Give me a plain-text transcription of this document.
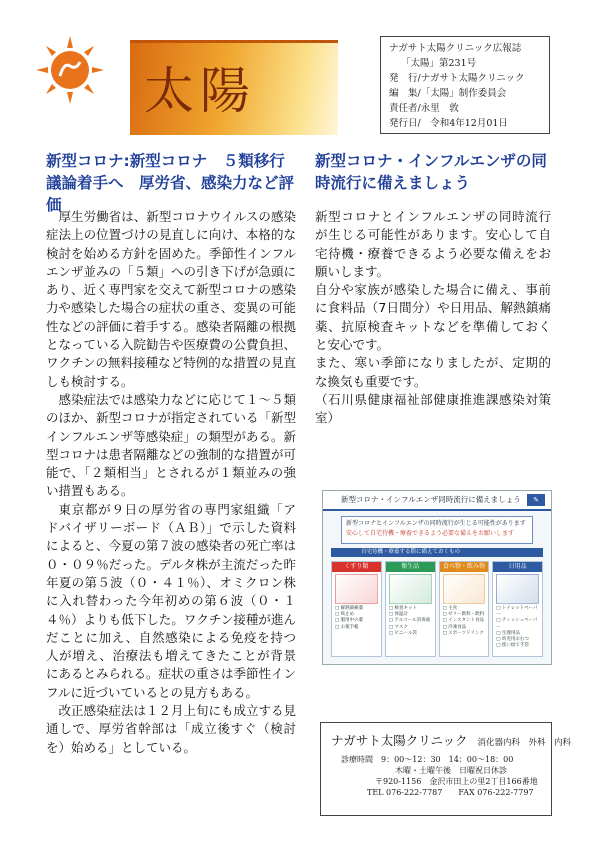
太陽
ナガサト太陽クリニック広報誌
「太陽」第231号
発　行/ナガサト太陽クリニック
編　集/「太陽」制作委員会
責任者/永里　敦
発行日/　令和4年12月01日
新型コロナ:新型コロナ　５類移行議論着手へ　厚労省、感染力など評価

厚生労働省は、新型コロナウイルスの感染症法上の位置づけの見直しに向け、本格的な検討を始める方針を固めた。季節性インフルエンザ並みの「５類」への引き下げが急頭にあり、近く専門家を交えて新型コロナの感染力や感染した場合の症状の重さ、変異の可能性などの評価に着手する。感染者隔離の根拠となっている入院勧告や医療費の公費負担、ワクチンの無料接種など特例的な措置の見直しも検討する。

感染症法では感染力などに応じて１～５類のほか、新型コロナが指定されている「新型インフルエンザ等感染症」の類型がある。新型コロナは患者隔離などの強制的な措置が可能で、「２類相当」とされるが１類並みの強い措置もある。

東京都が９日の厚労省の専門家組織「アドバイザリーボード（ＡＢ）」で示した資料によると、今夏の第７波の感染者の死亡率は０・０９％だった。デルタ株が主流だった昨年夏の第５波（０・４１％）、オミクロン株に入れ替わった今年初めの第６波（０・１４％）よりも低下した。ワクチン接種が進んだことに加え、自然感染による免疫を持つ人が増え、治療法も増えてきたことが背景にあるとみられる。症状の重さは季節性インフルに近づいているとの見方もある。

改正感染症法は１２月上旬にも成立する見通しで、厚労省幹部は「成立後すぐ（検討を）始める」としている。

新型コロナ・インフルエンザの同時流行に備えましょう

新型コロナとインフルエンザの同時流行が生じる可能性があります。安心して自宅待機・療養できるよう必要な備えをお願いします。

自分や家族が感染した場合に備え、事前に食料品（7日間分）や日用品、解熱鎮痛薬、抗原検査キットなどを準備しておくと安心です。

また、寒い季節になりましたが、定期的な換気も重要です。

（石川県健康福祉部健康推進課感染対策室）

新型コロナ・インフルエンザ同時流行に備えましょう	✎
新型コロナとインフルエンザの同時流行が生じる可能性があります
安心して自宅待機・療養できるよう必要な備えをお願いします
自宅待機・療養する際に備えておくもの
くすり類
□ 解熱鎮痛薬
□ 咳止め
□ 服用中の薬
□ お薬手帳
衛生品
□ 検査キット
□ 体温計
□ アルコール消毒液
□ マスク
□ ビニール袋
食べ物・飲み物
□ 主食
□ ゼリー飲料・飲料
□ インスタント食品
□ 冷凍食品
□ スポーツドリンク
日用品
□ トイレットペーパー
□ ティッシュペーパー
□ 生理用品
□ 幼児用おむつ
□ 使い捨て手袋
ナガサト太陽クリニック 消化器内科　外科　内科
診療時間　9：00～12：30　14：00～18：00
木曜・土曜午後　日曜祝日休診
〒920-1156　金沢市田上の里2丁目166番地
TEL 076-222-7787　　FAX 076-222-7797
